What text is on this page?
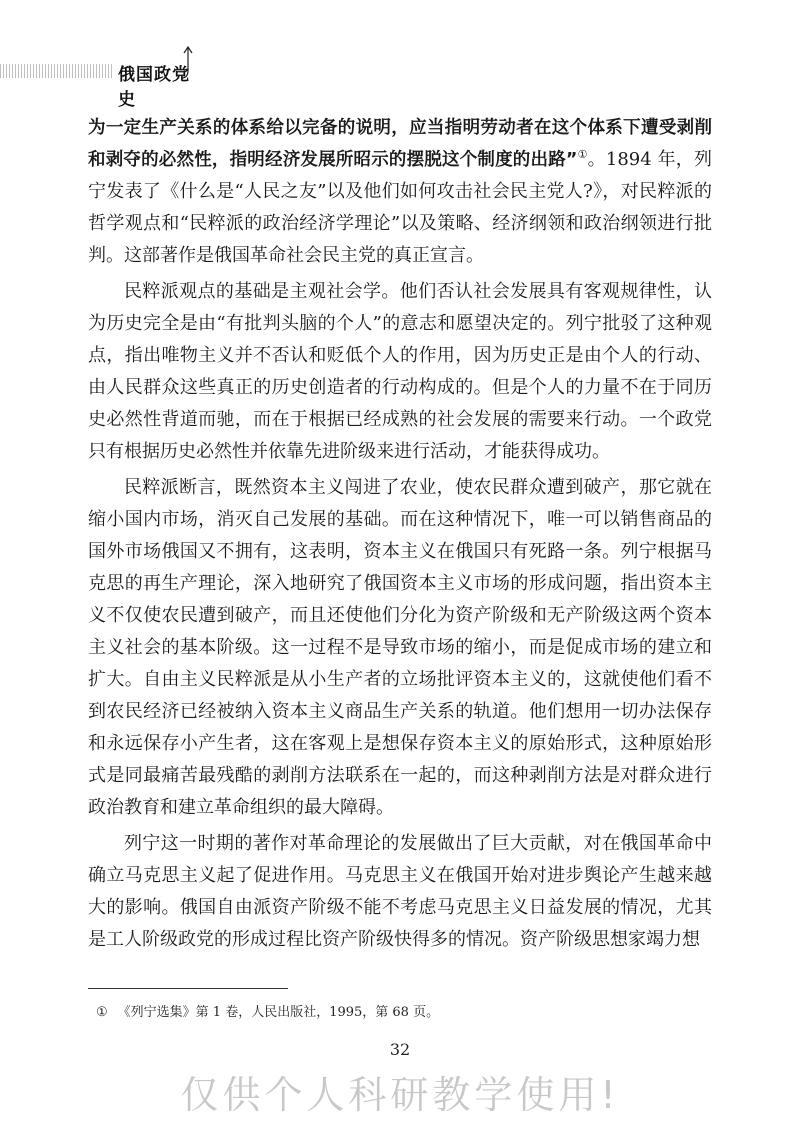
俄国政党史

为一定生产关系的体系给以完备的说明，应当指明劳动者在这个体系下遭受剥削和剥夺的必然性，指明经济发展所昭示的摆脱这个制度的出路”①。1894 年，列宁发表了《什么是“人民之友”以及他们如何攻击社会民主党人?》，对民粹派的哲学观点和“民粹派的政治经济学理论”以及策略、经济纲领和政治纲领进行批判。这部著作是俄国革命社会民主党的真正宣言。

民粹派观点的基础是主观社会学。他们否认社会发展具有客观规律性，认为历史完全是由“有批判头脑的个人”的意志和愿望决定的。列宁批驳了这种观点，指出唯物主义并不否认和贬低个人的作用，因为历史正是由个人的行动、由人民群众这些真正的历史创造者的行动构成的。但是个人的力量不在于同历史必然性背道而驰，而在于根据已经成熟的社会发展的需要来行动。一个政党只有根据历史必然性并依靠先进阶级来进行活动，才能获得成功。

民粹派断言，既然资本主义闯进了农业，使农民群众遭到破产，那它就在缩小国内市场，消灭自己发展的基础。而在这种情况下，唯一可以销售商品的国外市场俄国又不拥有，这表明，资本主义在俄国只有死路一条。列宁根据马克思的再生产理论，深入地研究了俄国资本主义市场的形成问题，指出资本主义不仅使农民遭到破产，而且还使他们分化为资产阶级和无产阶级这两个资本主义社会的基本阶级。这一过程不是导致市场的缩小，而是促成市场的建立和扩大。自由主义民粹派是从小生产者的立场批评资本主义的，这就使他们看不到农民经济已经被纳入资本主义商品生产关系的轨道。他们想用一切办法保存和永远保存小产生者，这在客观上是想保存资本主义的原始形式，这种原始形式是同最痛苦最残酷的剥削方法联系在一起的，而这种剥削方法是对群众进行政治教育和建立革命组织的最大障碍。

列宁这一时期的著作对革命理论的发展做出了巨大贡献，对在俄国革命中确立马克思主义起了促进作用。马克思主义在俄国开始对进步舆论产生越来越大的影响。俄国自由派资产阶级不能不考虑马克思主义日益发展的情况，尤其是工人阶级政党的形成过程比资产阶级快得多的情况。资产阶级思想家竭力想

① 《列宁选集》第 1 卷，人民出版社，1995，第 68 页。
32
仅供个人科研教学使用!
